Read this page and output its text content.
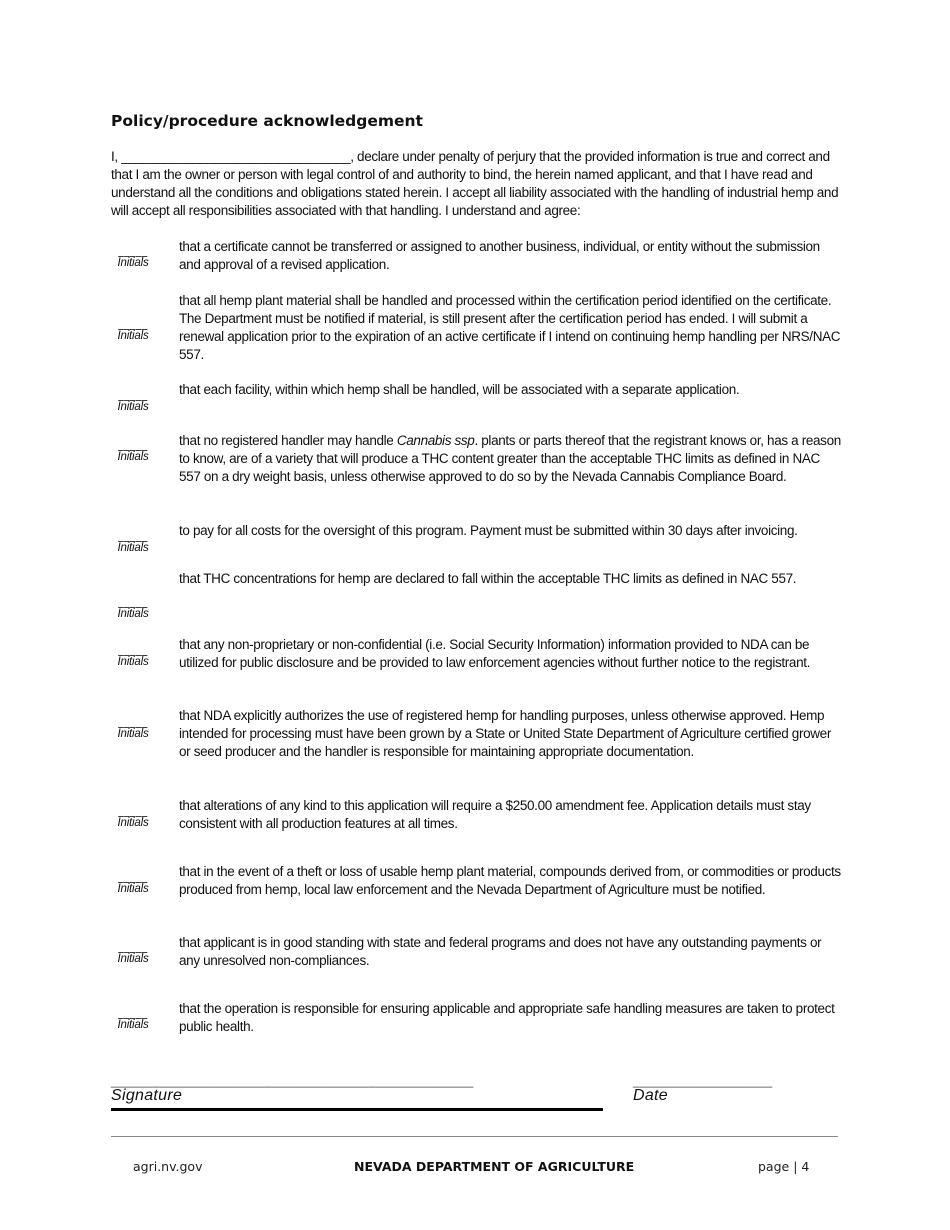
Policy/procedure acknowledgement
I, ________________________________, declare under penalty of perjury that the provided information is true and correct and that I am the owner or person with legal control of and authority to bind, the herein named applicant, and that I have read and understand all the conditions and obligations stated herein. I accept all liability associated with the handling of industrial hemp and will accept all responsibilities associated with that handling. I understand and agree:
_____
Initials
that a certificate cannot be transferred or assigned to another business, individual, or entity without the submission and approval of a revised application.
_____
Initials
that all hemp plant material shall be handled and processed within the certification period identified on the certificate. The Department must be notified if material, is still present after the certification period has ended. I will submit a renewal application prior to the expiration of an active certificate if I intend on continuing hemp handling per NRS/NAC 557.
_____
Initials
that each facility, within which hemp shall be handled, will be associated with a separate application.
_____
Initials
that no registered handler may handle Cannabis ssp. plants or parts thereof that the registrant knows or, has a reason to know, are of a variety that will produce a THC content greater than the acceptable THC limits as defined in NAC 557 on a dry weight basis, unless otherwise approved to do so by the Nevada Cannabis Compliance Board.
_____
Initials
to pay for all costs for the oversight of this program. Payment must be submitted within 30 days after invoicing.
_____
Initials
that THC concentrations for hemp are declared to fall within the acceptable THC limits as defined in NAC 557.
_____
Initials
that any non-proprietary or non-confidential (i.e. Social Security Information) information provided to NDA can be utilized for public disclosure and be provided to law enforcement agencies without further notice to the registrant.
_____
Initials
that NDA explicitly authorizes the use of registered hemp for handling purposes, unless otherwise approved. Hemp intended for processing must have been grown by a State or United State Department of Agriculture certified grower or seed producer and the handler is responsible for maintaining appropriate documentation.
_____
Initials
that alterations of any kind to this application will require a $250.00 amendment fee. Application details must stay consistent with all production features at all times.
_____
Initials
that in the event of a theft or loss of usable hemp plant material, compounds derived from, or commodities or products produced from hemp, local law enforcement and the Nevada Department of Agriculture must be notified.
_____
Initials
that applicant is in good standing with state and federal programs and does not have any outstanding payments or any unresolved non-compliances.
_____
Initials
that the operation is responsible for ensuring applicable and appropriate safe handling measures are taken to protect public health.
____________________________________________________
Signature
____________________
Date
agri.nv.gov	NEVADA DEPARTMENT OF AGRICULTURE	page | 4
